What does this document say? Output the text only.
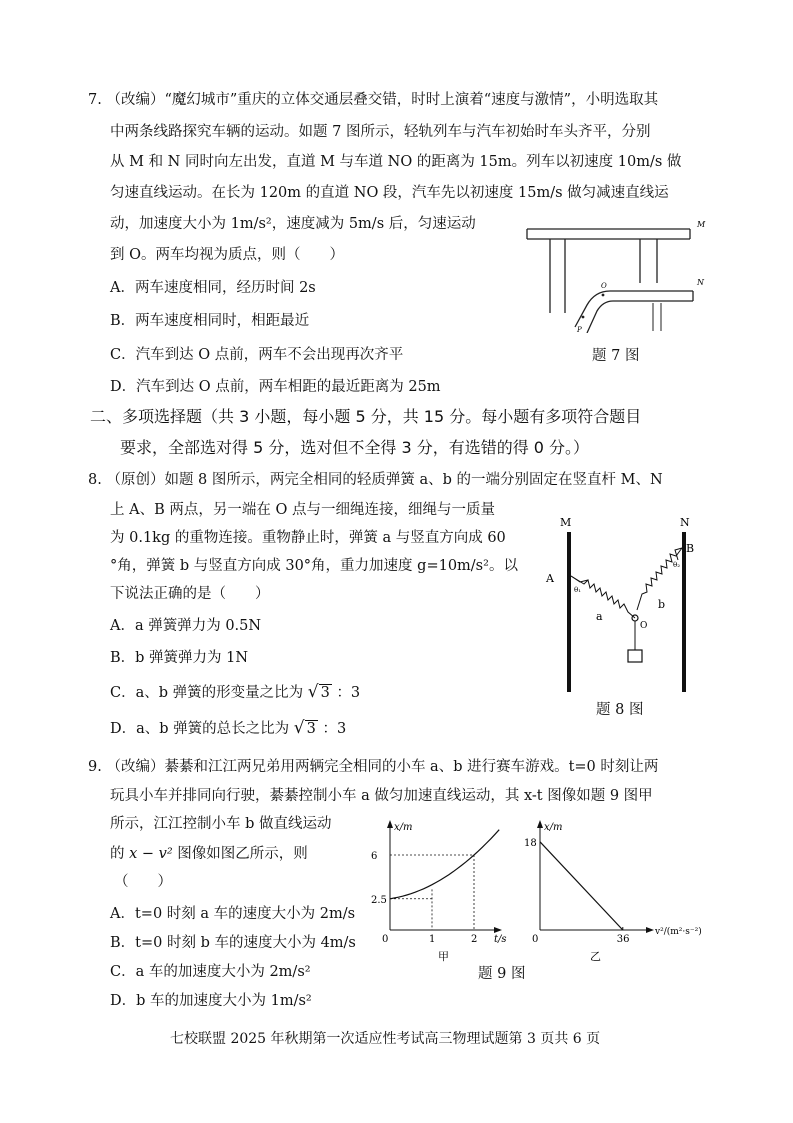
7. （改编）“魔幻城市”重庆的立体交通层叠交错，时时上演着“速度与激情”，小明选取其
中两条线路探究车辆的运动。如题 7 图所示，轻轨列车与汽车初始时车头齐平，分别
从 M 和 N 同时向左出发，直道 M 与车道 NO 的距离为 15m。列车以初速度 10m/s 做
匀速直线运动。在长为 120m 的直道 NO 段，汽车先以初速度 15m/s 做匀减速直线运
动，加速度大小为 1m/s²，速度减为 5m/s 后，匀速运动
到 O。两车均视为质点，则（　　）
A．两车速度相同，经历时间 2s
B．两车速度相同时，相距最近
C．汽车到达 O 点前，两车不会出现再次齐平
D．汽车到达 O 点前，两车相距的最近距离为 25m
M
N
O
P
题 7 图
二、多项选择题（共 3 小题，每小题 5 分，共 15 分。每小题有多项符合题目
要求，全部选对得 5 分，选对但不全得 3 分，有选错的得 0 分。）
8. （原创）如题 8 图所示，两完全相同的轻质弹簧 a、b 的一端分别固定在竖直杆 M、N
上 A、B 两点，另一端在 O 点与一细绳连接，细绳与一质量
为 0.1kg 的重物连接。重物静止时，弹簧 a 与竖直方向成 60
°角，弹簧 b 与竖直方向成 30°角，重力加速度 g=10m/s²。以
下说法正确的是（　　）
A．a 弹簧弹力为 0.5N
B．b 弹簧弹力为 1N
C．a、b 弹簧的形变量之比为 √ 3 ：3
D．a、b 弹簧的总长之比为 √ 3 ：3
M	N
A
θ₁
a
B
θ₂
b
O
题 8 图
9. （改编）綦綦和江江两兄弟用两辆完全相同的小车 a、b 进行赛车游戏。t=0 时刻让两
玩具小车并排同向行驶，綦綦控制小车 a 做匀加速直线运动，其 x-t 图像如题 9 图甲
所示，江江控制小车 b 做直线运动
的 x − v² 图像如图乙所示，则
（　　）
A．t=0 时刻 a 车的速度大小为 2m/s
B．t=0 时刻 b 车的速度大小为 4m/s
C．a 车的加速度大小为 2m/s²
D．b 车的加速度大小为 1m/s²
x/m
t/s
0	1	2
2.5
6
甲
x/m
v²/(m²·s⁻²)
0	36
18
乙
题 9 图
七校联盟 2025 年秋期第一次适应性考试高三物理试题第 3 页共 6 页
